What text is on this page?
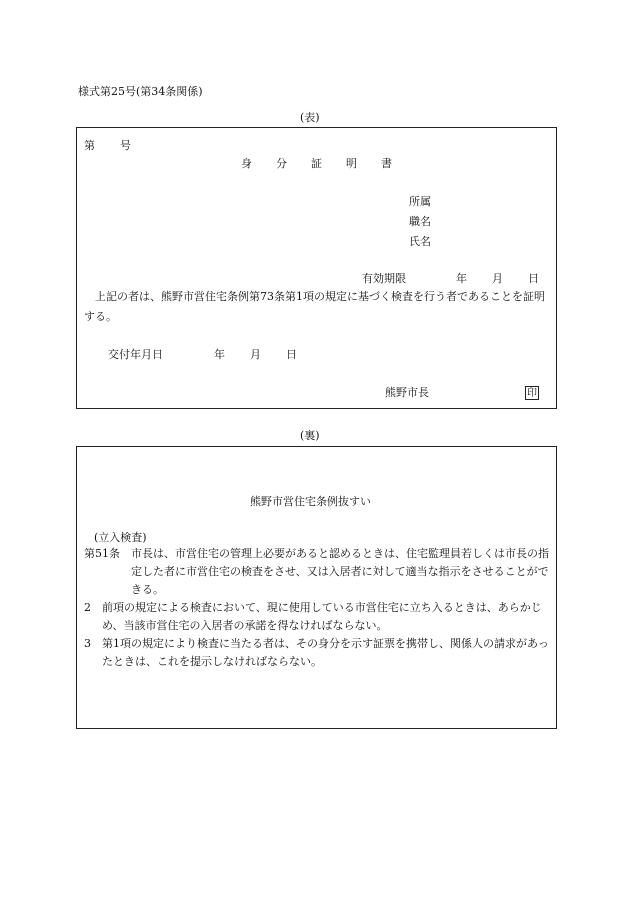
様式第25号(第34条関係)
(表)
第 号
身 分 証 明 書
所属
職名
氏名
有効期限	年 月 日
上記の者は、熊野市営住宅条例第73条第1項の規定に基づく検査を行う者であることを証明する。
交付年月日	年 月 日
熊野市長	印
(裏)
熊野市営住宅条例抜すい
(立入検査)
第51条　 市長は、市営住宅の管理上必要があると認めるときは、住宅監理員若しくは市長の指定した者に市営住宅の検査をさせ、又は入居者に対して適当な指示をさせることができる。
2　 前項の規定による検査において、現に使用している市営住宅に立ち入るときは、あらかじめ、当該市営住宅の入居者の承諾を得なければならない。
3　 第1項の規定により検査に当たる者は、その身分を示す証票を携帯し、関係人の請求があったときは、これを提示しなければならない。
